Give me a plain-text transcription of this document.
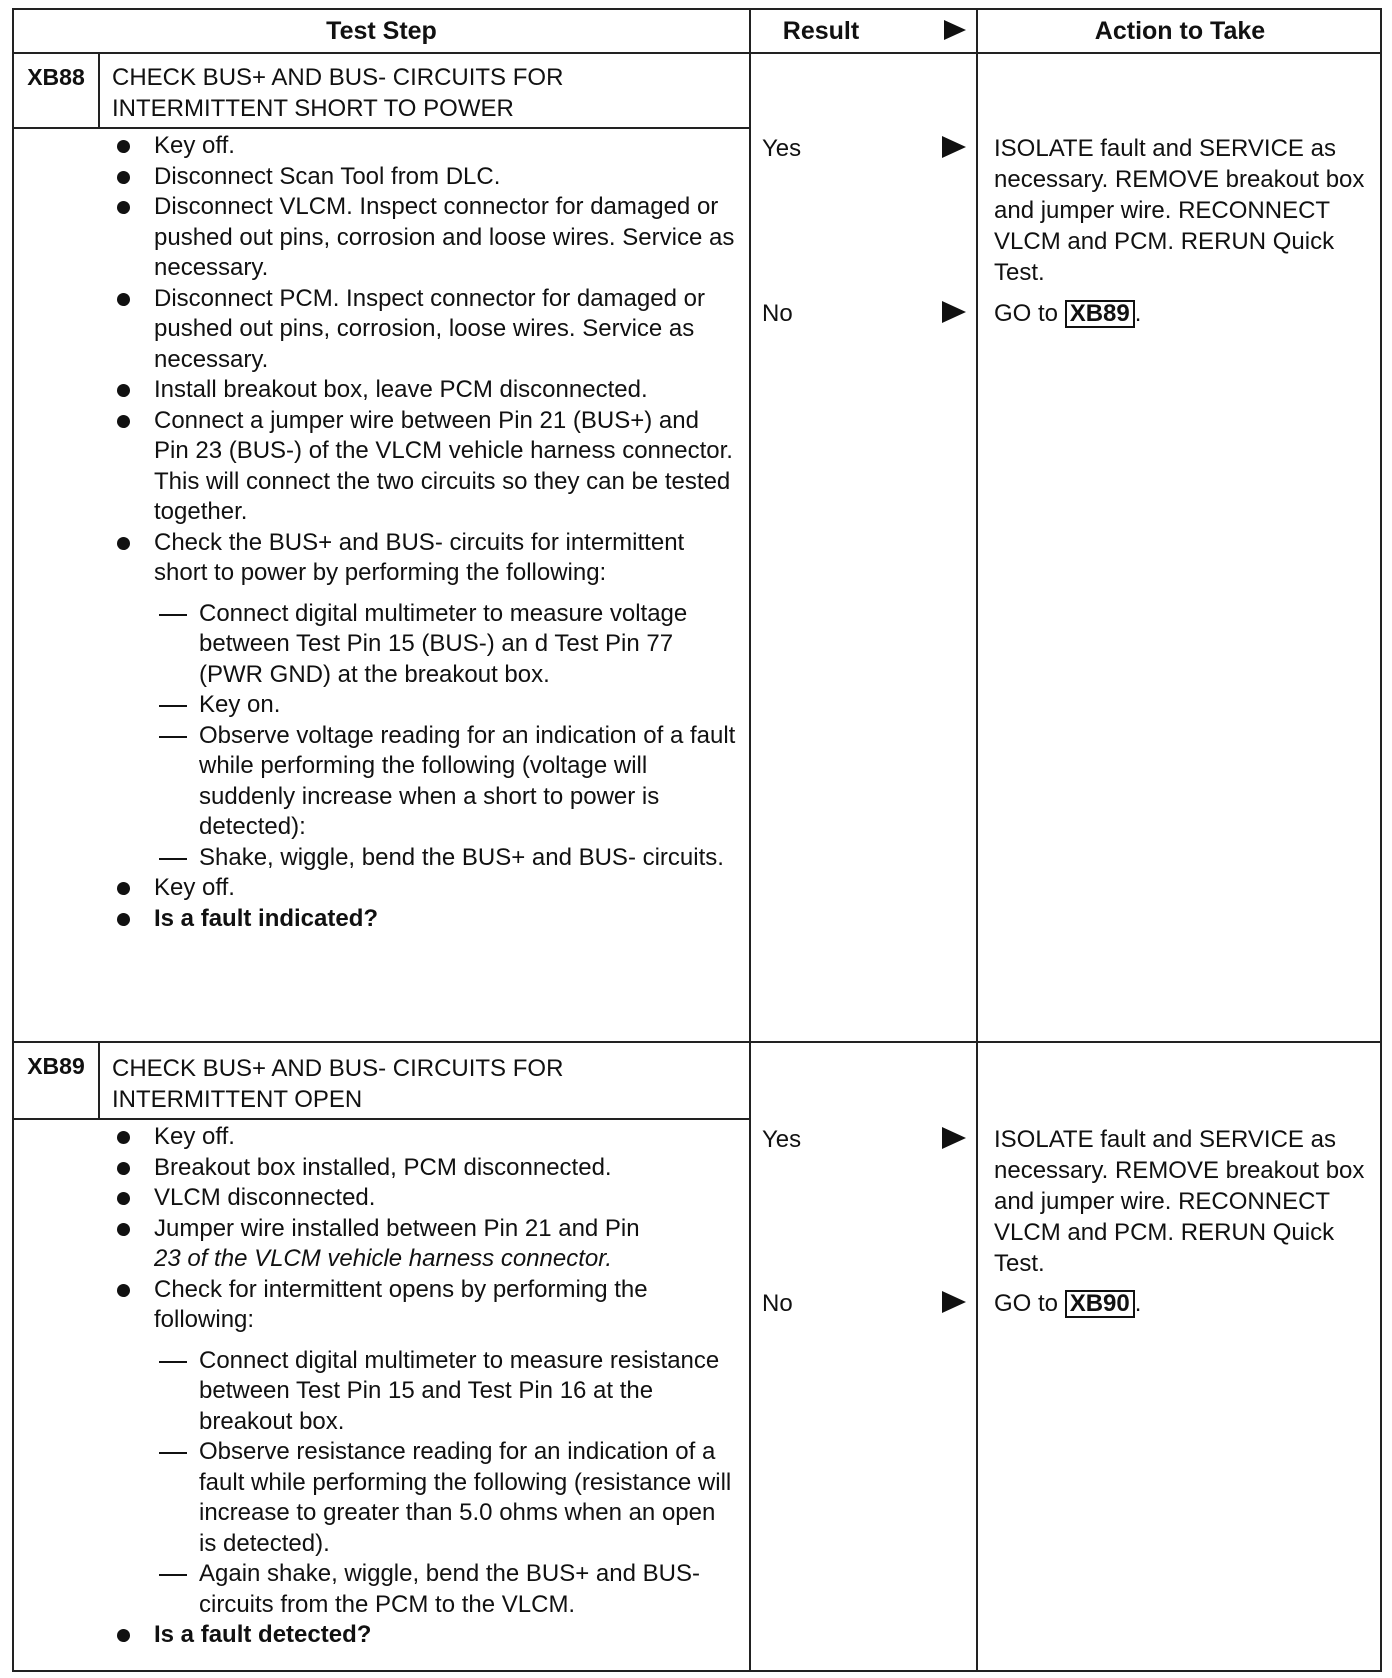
Test Step	Result	Action to Take
XB88	CHECK BUS+ AND BUS- CIRCUITS FOR
INTERMITTENT SHORT TO POWER
Key off.
Disconnect Scan Tool from DLC.
Disconnect VLCM. Inspect connector for damaged or pushed out pins, corrosion and loose wires. Service as necessary.
Disconnect PCM. Inspect connector for damaged or pushed out pins, corrosion, loose wires. Service as necessary.
Install breakout box, leave PCM disconnected.
Connect a jumper wire between Pin 21 (BUS+) and Pin 23 (BUS-) of the VLCM vehicle harness connector. This will connect the two circuits so they can be tested together.
Check the BUS+ and BUS- circuits for intermittent short to power by performing the following:
Connect digital multimeter to measure voltage between Test Pin 15 (BUS-) an d Test Pin 77 (PWR GND) at the breakout box.
Key on.
Observe voltage reading for an indication of a fault while performing the following (voltage will suddenly increase when a short to power is detected):
Shake, wiggle, bend the BUS+ and BUS- circuits.
Key off.
Is a fault indicated?
Yes	ISOLATE fault and SERVICE as necessary. REMOVE breakout box and jumper wire. RECONNECT VLCM and PCM. RERUN Quick Test.
No	GO to XB89 .
XB89	CHECK BUS+ AND BUS- CIRCUITS FOR
INTERMITTENT OPEN
Key off.
Breakout box installed, PCM disconnected.
VLCM disconnected.
Jumper wire installed between Pin 21 and Pin
23 of the VLCM vehicle harness connector.
Check for intermittent opens by performing the following:
Connect digital multimeter to measure resistance between Test Pin 15 and Test Pin 16 at the breakout box.
Observe resistance reading for an indication of a fault while performing the following (resistance will increase to greater than 5.0 ohms when an open is detected).
Again shake, wiggle, bend the BUS+ and BUS- circuits from the PCM to the VLCM.
Is a fault detected?
Yes	ISOLATE fault and SERVICE as necessary. REMOVE breakout box and jumper wire. RECONNECT VLCM and PCM. RERUN Quick Test.
No	GO to XB90 .
